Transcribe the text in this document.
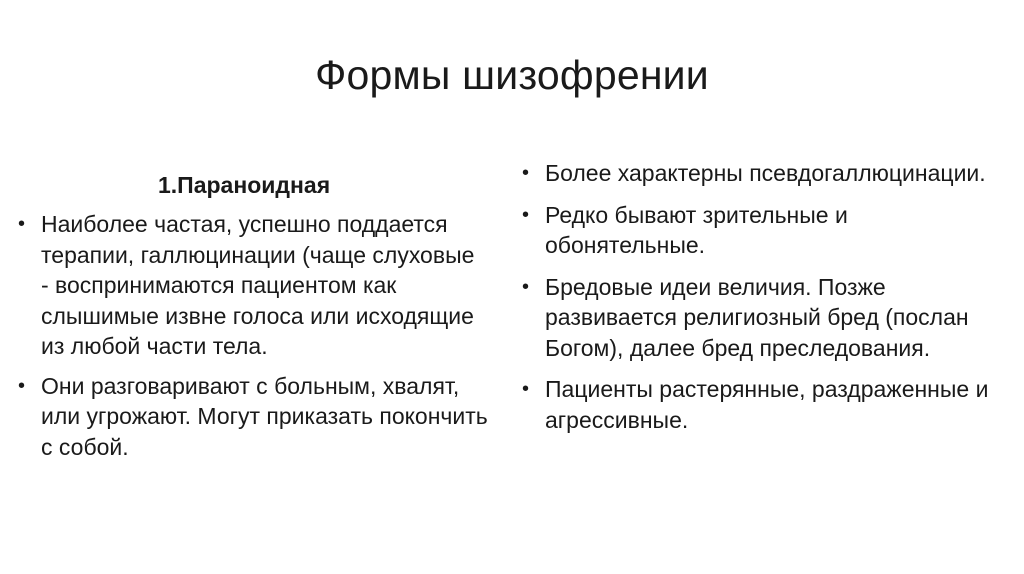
Формы шизофрении
1.Параноидная
• Наиболее частая, успешно поддается терапии, галлюцинации (чаще слуховые - воспринимаются пациентом как слышимые извне голоса или исходящие из любой части тела.
• Они разговаривают с больным, хвалят, или угрожают. Могут приказать покончить с собой.
• Более характерны псевдогаллюцинации.
• Редко бывают зрительные и обонятельные.
• Бредовые идеи величия. Позже развивается религиозный бред (послан Богом), далее бред преследования.
• Пациенты растерянные, раздраженные и агрессивные.
